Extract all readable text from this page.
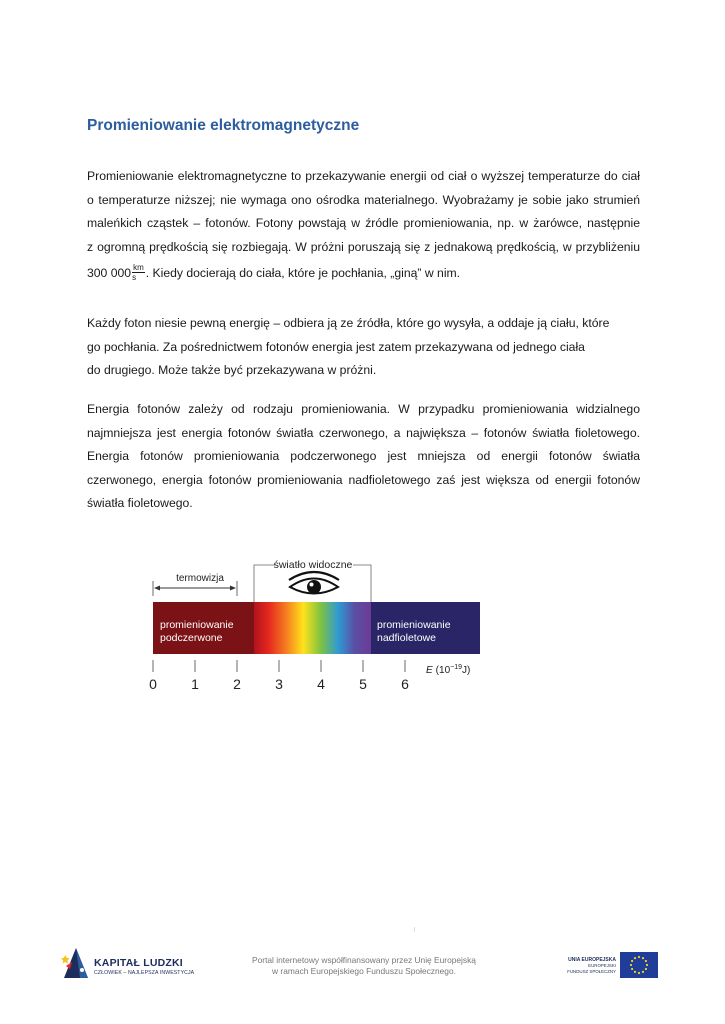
Promieniowanie elektromagnetyczne
Promieniowanie elektromagnetyczne to przekazywanie energii od ciał o wyższej temperaturze do ciał
o temperaturze niższej; nie wymaga ono ośrodka materialnego. Wyobrażamy je sobie jako strumień
maleńkich cząstek – fotonów. Fotony powstają w źródle promieniowania, np. w żarówce, następnie
z ogromną prędkością się rozbiegają. W próżni poruszają się z jednakową prędkością, w przybliżeniu
300 $000 \frac{km}{s}$ . Kiedy docierają do ciała, które je pochłania, „giną” w nim.
Każdy foton niesie pewną energię – odbiera ją ze źródła, które go wysyła, a oddaje ją ciału, które
go pochłania. Za pośrednictwem fotonów energia jest zatem przekazywana od jednego ciała
do drugiego. Może także być przekazywana w próżni.
Energia fotonów zależy od rodzaju promieniowania. W przypadku promieniowania widzialnego
najmniejsza jest energia fotonów światła czerwonego, a największa – fotonów światła fioletowego.
Energia fotonów promieniowania podczerwonego jest mniejsza od energii fotonów światła
czerwonego, energia fotonów promieniowania nadfioletowego zaś jest większa od energii fotonów
światła fioletowego.
światło widoczne
termowizja
promieniowanie
podczerwone
promieniowanie
nadfioletowe
0 1 2 3 4 5 6
E $(10^{-19}J)$
KAPITAŁ LUDZKI
CZŁOWIEK – NAJLEPSZA INWESTYCJA
Portal internetowy współfinansowany przez Unię Europejską
w ramach Europejskiego Funduszu Społecznego.
UNIA EUROPEJSKA
EUROPEJSKI
FUNDUSZ SPOŁECZNY
